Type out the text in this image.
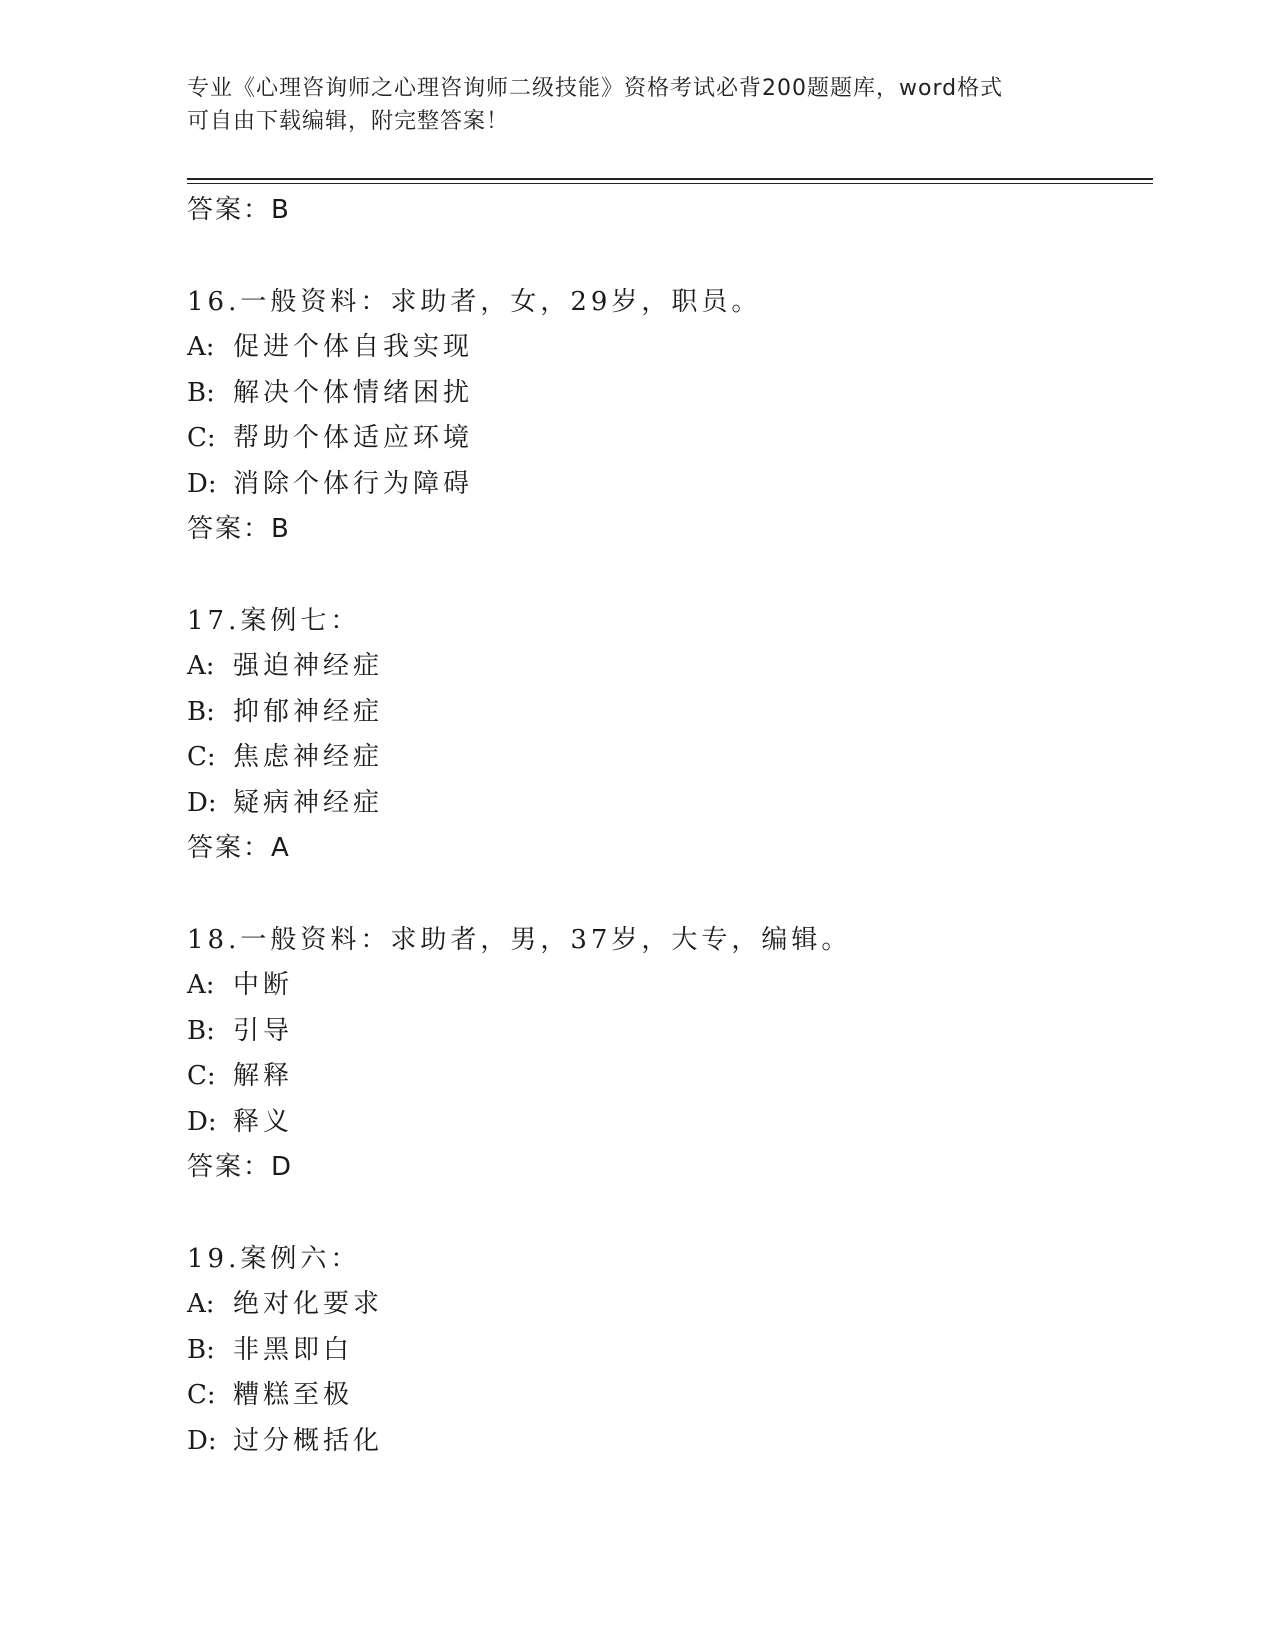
专业《心理咨询师之心理咨询师二级技能》资格考试必背200题题库，word格式
可自由下载编辑，附完整答案！
答案：B
16.一般资料：求助者，女，29岁，职员。
A: 促进个体自我实现
B: 解决个体情绪困扰
C: 帮助个体适应环境
D: 消除个体行为障碍
答案：B
17.案例七：
A: 强迫神经症
B: 抑郁神经症
C: 焦虑神经症
D: 疑病神经症
答案：A
18.一般资料：求助者，男，37岁，大专，编辑。
A: 中断
B: 引导
C: 解释
D: 释义
答案：D
19.案例六：
A: 绝对化要求
B: 非黑即白
C: 糟糕至极
D: 过分概括化
